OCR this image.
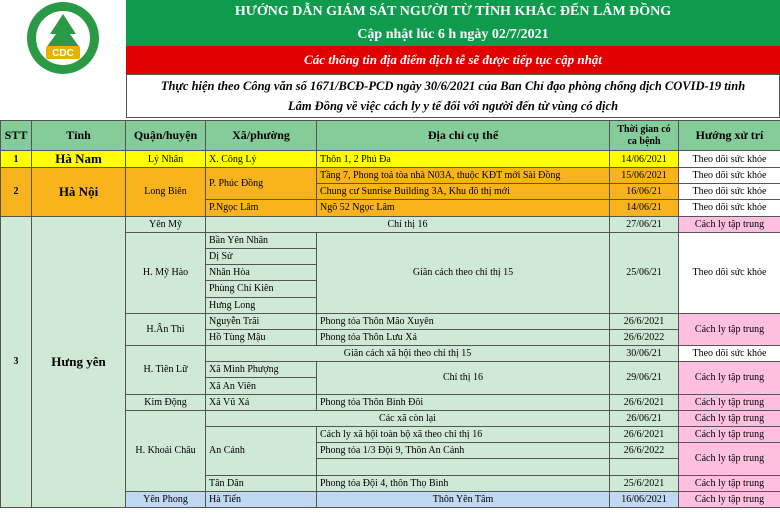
CDC
HƯỚNG DẪN GIÁM SÁT NGƯỜI TỪ TỈNH KHÁC ĐẾN LÂM ĐỒNG
Cập nhật lúc 6 h ngày 02/7/2021
Các thông tin địa điểm dịch tễ sẽ được tiếp tục cập nhật
Thực hiện theo Công văn số 1671/BCĐ-PCD ngày 30/6/2021 của Ban Chỉ đạo phòng chống dịch COVID-19 tỉnh
Lâm Đồng về việc cách ly y tế đối với người đến từ vùng có dịch
STT	Tỉnh	Quận/huyện	Xã/phường	Địa chỉ cụ thể	Thời gian có ca bệnh	Hướng xử trí
1	Hà Nam	Lý Nhân	X. Công Lý	Thôn 1, 2 Phú Đa	14/06/2021	Theo dõi sức khỏe
2	Hà Nội	Long Biên	P. Phúc Đồng	Tầng 7, Phong toả tòa nhà N03A, thuộc KĐT mới Sài Đồng	15/06/2021	Theo dõi sức khỏe
				Chung cư Sunrise Building 3A, Khu đô thị mới	16/06/21	Theo dõi sức khỏe
			P.Ngọc Lâm	Ngõ 52 Ngọc Lâm	14/06/21	Theo dõi sức khỏe
3	Hưng yên	Yên Mỹ	Chỉ thị 16		27/06/21	Cách ly tập trung
		H. Mỹ Hào	Bần Yên Nhân	Giãn cách theo chỉ thị 15	25/06/21	Theo dõi sức khỏe
			Dị Sử			
			Nhân Hòa			
			Phùng Chí Kiên			
			Hưng Long			
		H.Ân Thi	Nguyễn Trãi	Phong tỏa Thôn Mão Xuyên	26/6/2021	Cách ly tập trung
			Hồ Tùng Mậu	Phong tỏa Thôn Lưu Xá	26/6/2022	
		H. Tiên Lữ	Giãn cách xã hội theo chỉ thị 15		30/06/21	Theo dõi sức khỏe
			Xã Minh Phượng	Chỉ thị 16	29/06/21	Cách ly tập trung
			Xã An Viên			
		Kim Động	Xã Vũ Xá	Phong tỏa Thôn Bình Đôi	26/6/2021	Cách ly tập trung
		H. Khoái Châu	Các xã còn lại		26/06/21	Cách ly tập trung
			An Cảnh	Cách ly xã hội toàn bộ xã theo chỉ thị 16	26/6/2021	Cách ly tập trung
				Phong tỏa 1/3 Đội 9, Thôn An Cảnh	26/6/2022	Cách ly tập trung

			Tân Dân	Phong tỏa Đội 4, thôn Thọ Bình	25/6/2021	Cách ly tập trung
		Yên Phong	Hà Tiến	Thôn Yên Tâm	16/06/2021	Cách ly tập trung
